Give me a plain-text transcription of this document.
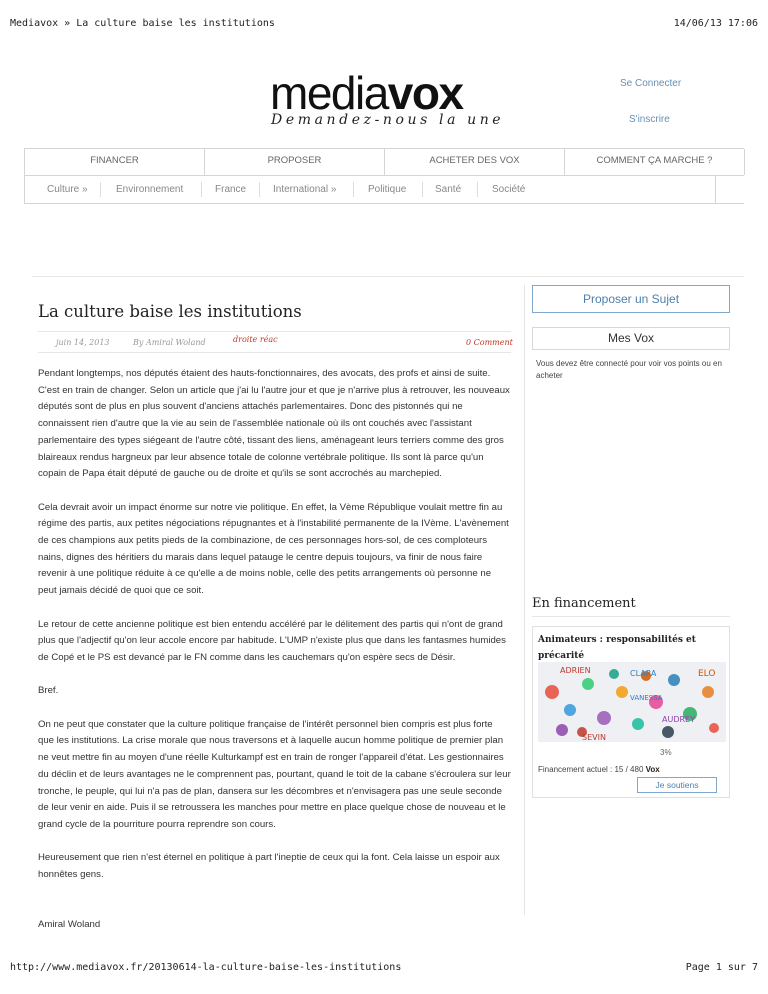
Mediavox » La culture baise les institutions	14/06/13 17:06
mediavox
Demandez-nous la une
Se Connecter
S'inscrire
FINANCER	PROPOSER	ACHETER DES VOX	COMMENT ÇA MARCHE ?
Culture »	Environnement	France	International »	Politique	Santé	Société
La culture baise les institutions
juin 14, 2013	By Amiral Woland	droite réac	0 Comment

Pendant longtemps, nos députés étaient des hauts-fonctionnaires, des avocats, des profs et ainsi de suite. C'est en train de changer. Selon un article que j'ai lu l'autre jour et que je n'arrive plus à retrouver, les nouveaux députés sont de plus en plus souvent d'anciens attachés parlementaires. Donc des pistonnés qui ne connaissent rien d'autre que la vie au sein de l'assemblée nationale où ils ont couchés avec l'assistant parlementaire des types siégeant de l'autre côté, tissant des liens, aménageant leurs terriers comme des gros blaireaux rendus hargneux par leur absence totale de colonne vertébrale politique. Ils sont là parce qu'un copain de Papa était député de gauche ou de droite et qu'ils se sont accrochés au marchepied.

Cela devrait avoir un impact énorme sur notre vie politique. En effet, la Vème République voulait mettre fin au régime des partis, aux petites négociations répugnantes et à l'instabilité permanente de la IVème. L'avènement de ces champions aux petits pieds de la combinazione, de ces personnages hors-sol, de ces comploteurs nains, dignes des héritiers du marais dans lequel patauge le centre depuis toujours, va finir de nous faire revenir à une politique réduite à ce qu'elle a de moins noble, celle des petits arrangements où personne ne peut jamais décidé de quoi que ce soit.

Le retour de cette ancienne politique est bien entendu accéléré par le délitement des partis qui n'ont de grand plus que l'adjectif qu'on leur accole encore par habitude. L'UMP n'existe plus que dans les fantasmes humides de Copé et le PS est devancé par le FN comme dans les cauchemars qu'on espère secs de Désir.

Bref.

On ne peut que constater que la culture politique française de l'intérêt personnel bien compris est plus forte que les institutions. La crise morale que nous traversons et à laquelle aucun homme politique de premier plan ne veut mettre fin au moyen d'une réelle Kulturkampf est en train de ronger l'appareil d'état. Les gestionnaires du déclin et de leurs avantages ne le comprennent pas, pourtant, quand le toit de la cabane s'écroulera sur leur tronche, le peuple, qui lui n'a pas de plan, dansera sur les décombres et n'envisagera pas une seule seconde de leur venir en aide. Puis il se retroussera les manches pour mettre en place quelque chose de nouveau et le grand cycle de la pourriture pourra reprendre son cours.

Heureusement que rien n'est éternel en politique à part l'ineptie de ceux qui la font. Cela laisse un espoir aux honnêtes gens.

Amiral Woland

Proposer un Sujet
Mes Vox
Vous devez être connecté pour voir vos points ou en acheter
En financement
Animateurs : responsabilités et précarité
ADRIEN	CLARA	ELO
VANESSA
AUDREY
SEVIN
3%
Financement actuel : 15 / 480 Vox
Je soutiens
http://www.mediavox.fr/20130614-la-culture-baise-les-institutions	Page 1 sur 7
